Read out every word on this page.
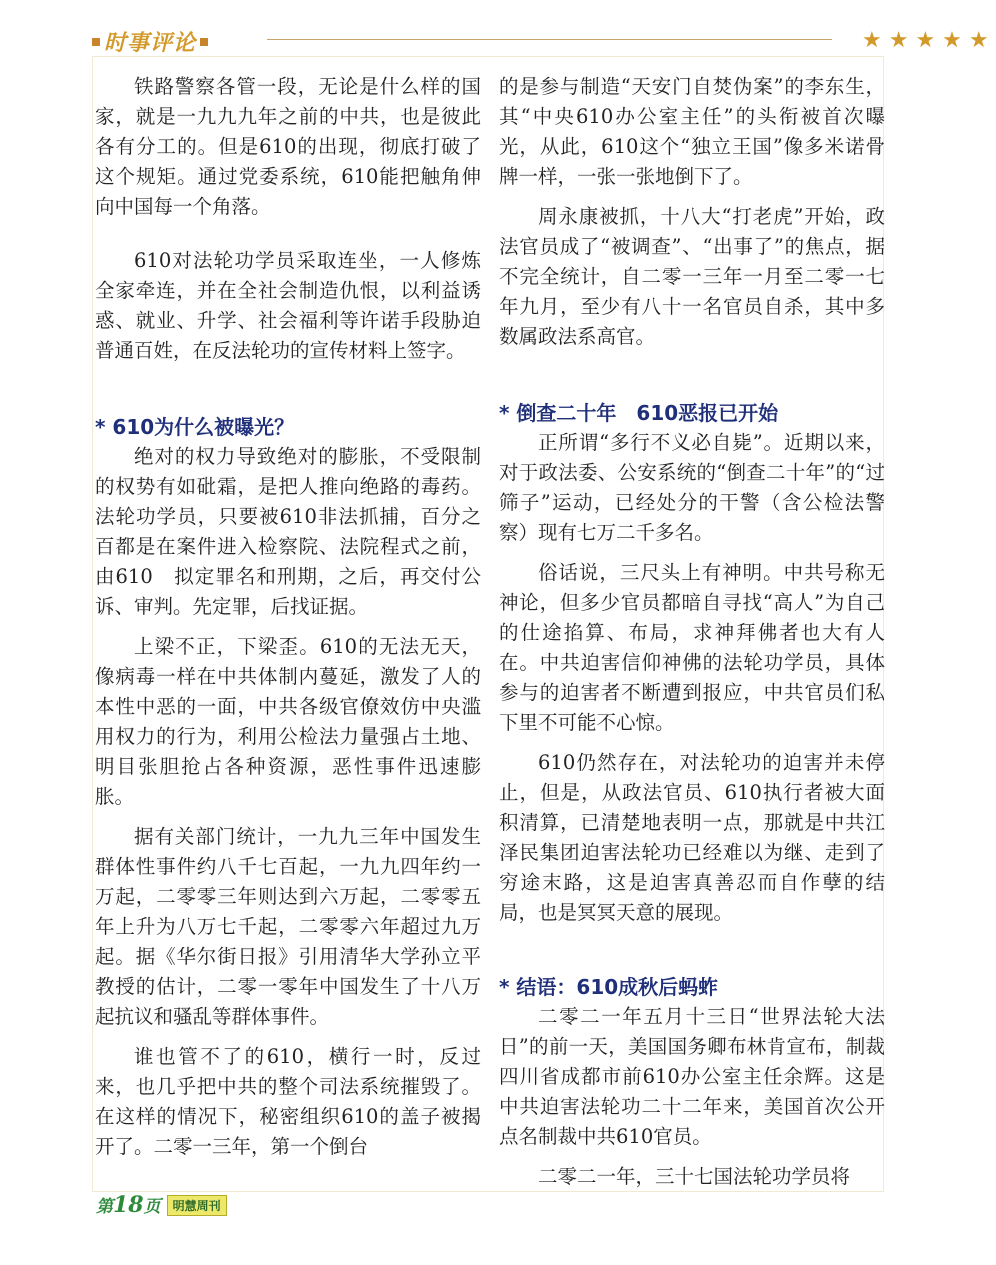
时事评论	★★★★★

铁路警察各管一段，无论是什么样的国家，就是一九九九年之前的中共，也是彼此各有分工的。但是610的出现，彻底打破了这个规矩。通过党委系统，610能把触角伸向中国每一个角落。

610对法轮功学员采取连坐，一人修炼全家牵连，并在全社会制造仇恨，以利益诱惑、就业、升学、社会福利等许诺手段胁迫普通百姓，在反法轮功的宣传材料上签字。

* 610为什么被曝光？

绝对的权力导致绝对的膨胀，不受限制的权势有如砒霜，是把人推向绝路的毒药。法轮功学员，只要被610非法抓捕，百分之百都是在案件进入检察院、法院程式之前，由610　拟定罪名和刑期，之后，再交付公诉、审判。先定罪，后找证据。

上梁不正，下梁歪。610的无法无天，像病毒一样在中共体制内蔓延，激发了人的本性中恶的一面，中共各级官僚效仿中央滥用权力的行为，利用公检法力量强占土地、明目张胆抢占各种资源，恶性事件迅速膨胀。

据有关部门统计，一九九三年中国发生群体性事件约八千七百起，一九九四年约一万起，二零零三年则达到六万起，二零零五年上升为八万七千起，二零零六年超过九万起。据《华尔街日报》引用清华大学孙立平教授的估计，二零一零年中国发生了十八万起抗议和骚乱等群体事件。

谁也管不了的610，横行一时，反过来，也几乎把中共的整个司法系统摧毁了。在这样的情况下，秘密组织610的盖子被揭开了。二零一三年，第一个倒台

的是参与制造“天安门自焚伪案”的李东生，其“中央610办公室主任”的头衔被首次曝光，从此，610这个“独立王国”像多米诺骨牌一样，一张一张地倒下了。

周永康被抓，十八大“打老虎”开始，政法官员成了“被调查”、“出事了”的焦点，据不完全统计，自二零一三年一月至二零一七年九月，至少有八十一名官员自杀，其中多数属政法系高官。

* 倒查二十年　610恶报已开始

正所谓“多行不义必自毙”。近期以来，对于政法委、公安系统的“倒查二十年”的“过筛子”运动，已经处分的干警（含公检法警察）现有七万二千多名。

俗话说，三尺头上有神明。中共号称无神论，但多少官员都暗自寻找“高人”为自己的仕途掐算、布局，求神拜佛者也大有人在。中共迫害信仰神佛的法轮功学员，具体参与的迫害者不断遭到报应，中共官员们私下里不可能不心惊。

610仍然存在，对法轮功的迫害并未停止，但是，从政法官员、610执行者被大面积清算，已清楚地表明一点，那就是中共江泽民集团迫害法轮功已经难以为继、走到了穷途末路，这是迫害真善忍而自作孽的结局，也是冥冥天意的展现。

* 结语：610成秋后蚂蚱

二零二一年五月十三日“世界法轮大法日”的前一天，美国国务卿布林肯宣布，制裁四川省成都市前610办公室主任余辉。这是中共迫害法轮功二十二年来，美国首次公开点名制裁中共610官员。

二零二一年，三十七国法轮功学员将

第18页	明慧周刊
